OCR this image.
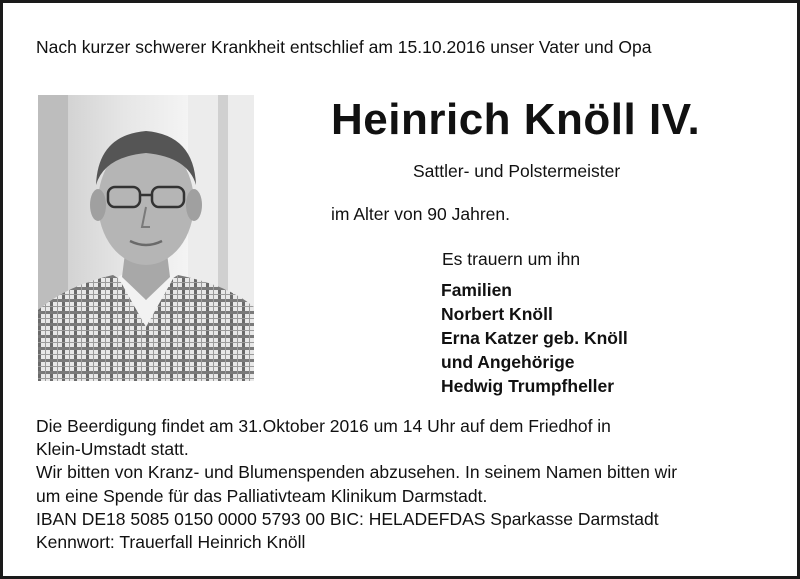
Nach kurzer schwerer Krankheit entschlief am 15.10.2016 unser Vater und Opa
Heinrich Knöll IV.
Sattler- und Polstermeister
im Alter von 90 Jahren.
Es trauern um ihn
Familien
Norbert Knöll
Erna Katzer geb. Knöll
und Angehörige
Hedwig Trumpfheller
Die Beerdigung findet am 31.Oktober 2016 um 14 Uhr auf dem Friedhof in
Klein-Umstadt statt.
Wir bitten von Kranz- und Blumenspenden abzusehen. In seinem Namen bitten wir
um eine Spende für das Palliativteam Klinikum Darmstadt.
IBAN DE18 5085 0150 0000 5793 00 BIC: HELADEFDAS Sparkasse Darmstadt
Kennwort: Trauerfall Heinrich Knöll
